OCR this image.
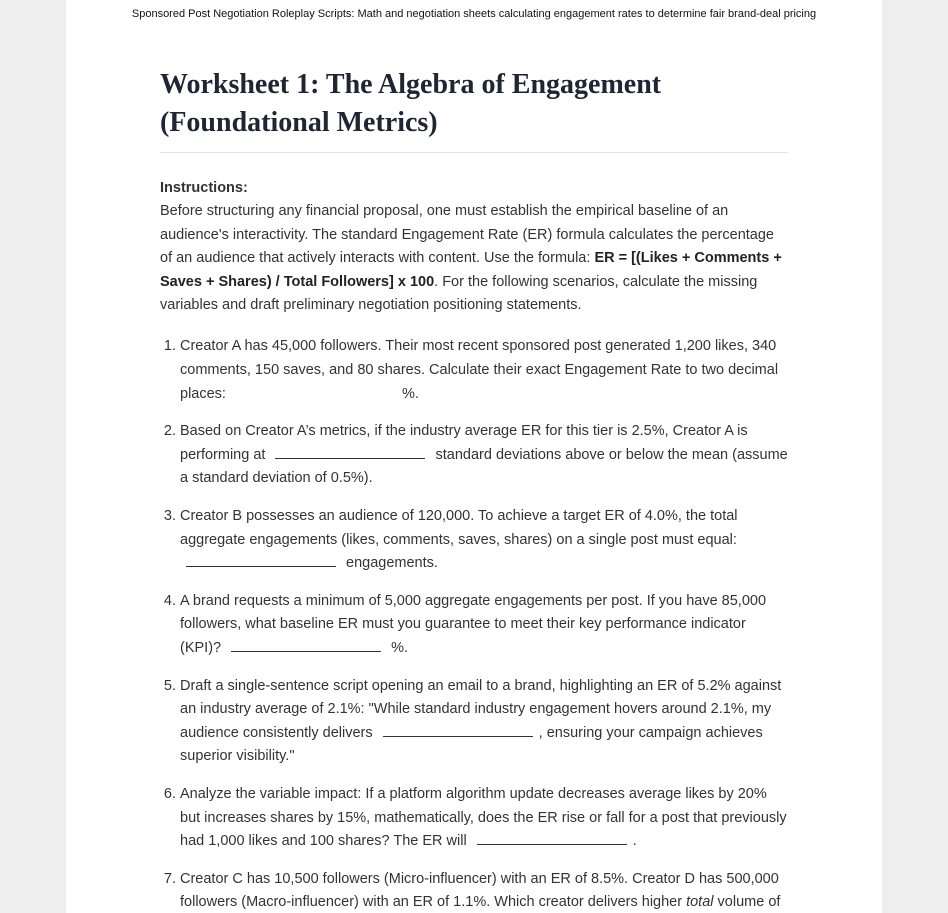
Sponsored Post Negotiation Roleplay Scripts: Math and negotiation sheets calculating engagement rates to determine fair brand-deal pricing
Worksheet 1: The Algebra of Engagement (Foundational Metrics)
Instructions:
Before structuring any financial proposal, one must establish the empirical baseline of an audience's interactivity. The standard Engagement Rate (ER) formula calculates the percentage of an audience that actively interacts with content. Use the formula: ER = [(Likes + Comments + Saves + Shares) / Total Followers] x 100. For the following scenarios, calculate the missing variables and draft preliminary negotiation positioning statements.
1. Creator A has 45,000 followers. Their most recent sponsored post generated 1,200 likes, 340 comments, 150 saves, and 80 shares. Calculate their exact Engagement Rate to two decimal places:	%.
2. Based on Creator A’s metrics, if the industry average ER for this tier is 2.5%, Creator A is performing at	standard deviations above or below the mean (assume a standard deviation of 0.5%).
3. Creator B possesses an audience of 120,000. To achieve a target ER of 4.0%, the total aggregate engagements (likes, comments, saves, shares) on a single post must equal:  engagements.
4. A brand requests a minimum of 5,000 aggregate engagements per post. If you have 85,000 followers, what baseline ER must you guarantee to meet their key performance indicator (KPI)?	%.
5. Draft a single-sentence script opening an email to a brand, highlighting an ER of 5.2% against an industry average of 2.1%: "While standard industry engagement hovers around 2.1%, my audience consistently delivers	, ensuring your campaign achieves superior visibility."
6. Analyze the variable impact: If a platform algorithm update decreases average likes by 20% but increases shares by 15%, mathematically, does the ER rise or fall for a post that previously had 1,000 likes and 100 shares? The ER will	.
7. Creator C has 10,500 followers (Micro-influencer) with an ER of 8.5%. Creator D has 500,000 followers (Macro-influencer) with an ER of 1.1%. Which creator delivers higher total volume of
